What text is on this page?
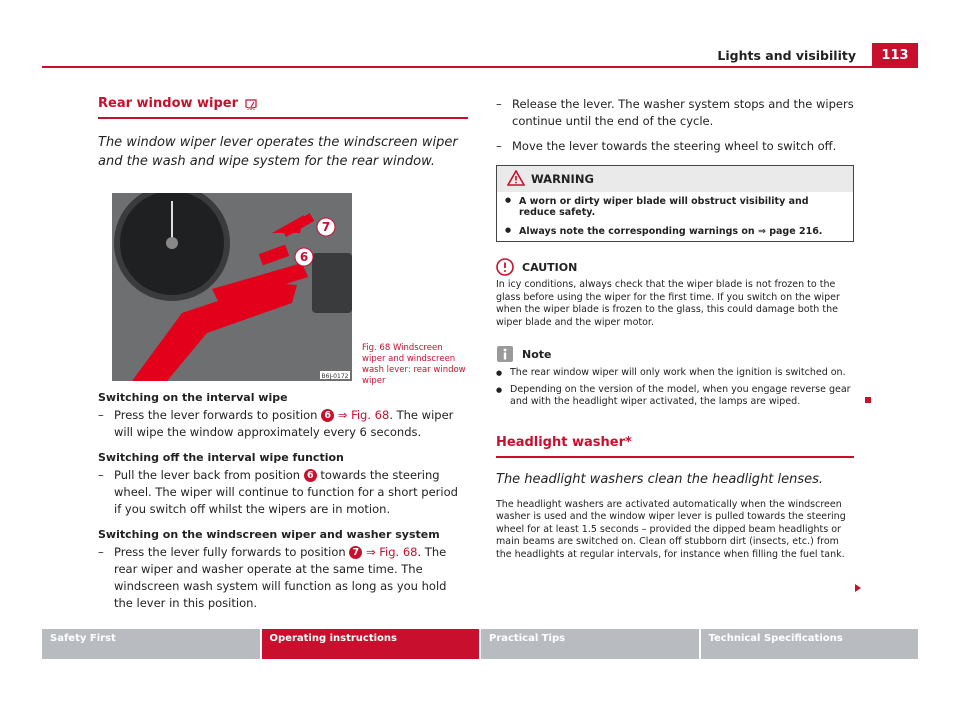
Lights and visibility	113
Rear window wiper
The window wiper lever operates the windscreen wiper and the wash and wipe system for the rear window.
7
6
B6J-0172
Fig. 68 Windscreen wiper and windscreen wash lever: rear window wiper
Switching on the interval wipe
– Press the lever forwards to position 6 ⇒ Fig. 68. The wiper will wipe the window approximately every 6 seconds.
Switching off the interval wipe function
– Pull the lever back from position 6 towards the steering wheel. The wiper will continue to function for a short period if you switch off whilst the wipers are in motion.
Switching on the windscreen wiper and washer system
– Press the lever fully forwards to position 7 ⇒ Fig. 68. The rear wiper and washer operate at the same time. The windscreen wash system will function as long as you hold the lever in this position.
– Release the lever. The washer system stops and the wipers continue until the end of the cycle.
– Move the lever towards the steering wheel to switch off.
WARNING
● A worn or dirty wiper blade will obstruct visibility and reduce safety.
● Always note the corresponding warnings on ⇒ page 216.
CAUTION
In icy conditions, always check that the wiper blade is not frozen to the glass before using the wiper for the first time. If you switch on the wiper when the wiper blade is frozen to the glass, this could damage both the wiper blade and the wiper motor.
Note
● The rear window wiper will only work when the ignition is switched on.
● Depending on the version of the model, when you engage reverse gear and with the headlight wiper activated, the lamps are wiped.
Headlight washer*
The headlight washers clean the headlight lenses.
The headlight washers are activated automatically when the windscreen washer is used and the window wiper lever is pulled towards the steering wheel for at least 1.5 seconds – provided the dipped beam headlights or main beams are switched on. Clean off stubborn dirt (insects, etc.) from the headlights at regular intervals, for instance when filling the fuel tank.
Safety First	Operating instructions	Practical Tips	Technical Specifications
